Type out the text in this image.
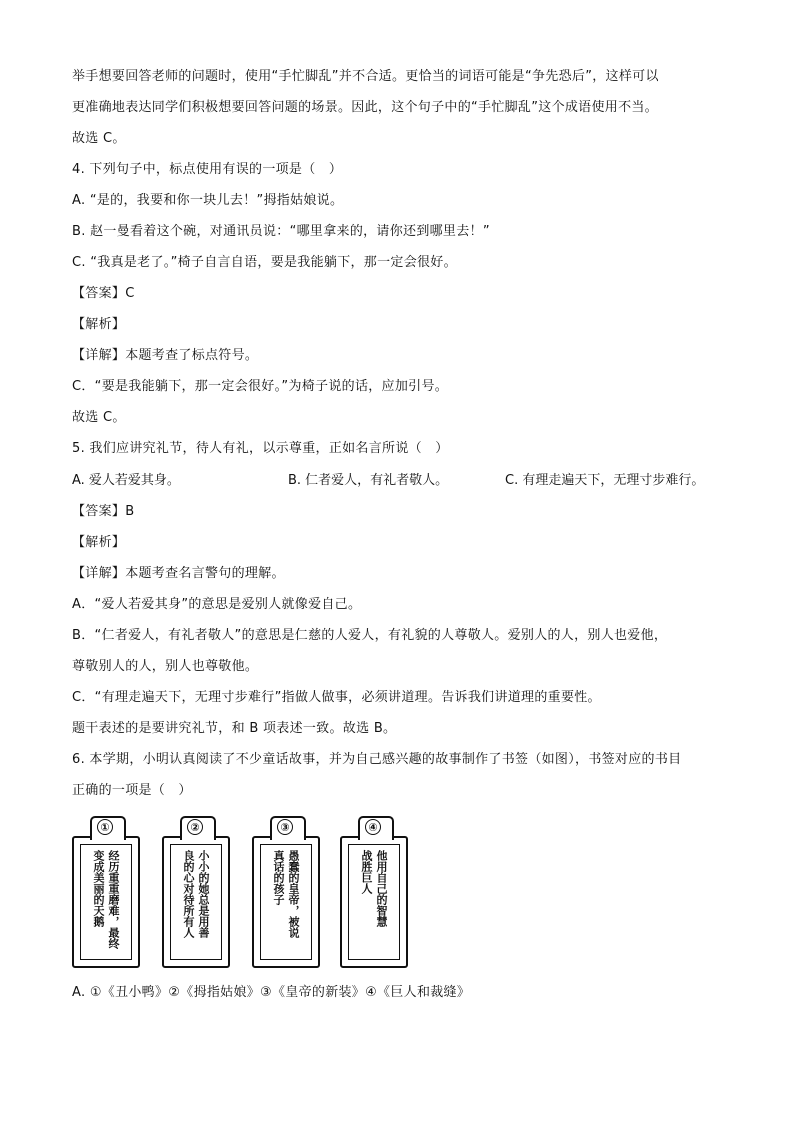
举手想要回答老师的问题时，使用“手忙脚乱”并不合适。更恰当的词语可能是“争先恐后”，这样可以
更准确地表达同学们积极想要回答问题的场景。因此，这个句子中的“手忙脚乱”这个成语使用不当。
故选 C。
4. 下列句子中，标点使用有误的一项是（　）
A. “是的，我要和你一块儿去！”拇指姑娘说。
B. 赵一曼看着这个碗，对通讯员说：“哪里拿来的，请你还到哪里去！”
C. “我真是老了。”椅子自言自语，要是我能躺下，那一定会很好。
【答案】C
【解析】
【详解】本题考查了标点符号。
C．“要是我能躺下，那一定会很好。”为椅子说的话，应加引号。
故选 C。
5. 我们应讲究礼节，待人有礼，以示尊重，正如名言所说（　）
A. 爱人若爱其身。	B. 仁者爱人，有礼者敬人。	C. 有理走遍天下，无理寸步难行。
【答案】B
【解析】
【详解】本题考查名言警句的理解。
A．“爱人若爱其身”的意思是爱别人就像爱自己。
B．“仁者爱人，有礼者敬人”的意思是仁慈的人爱人，有礼貌的人尊敬人。爱别人的人，别人也爱他，
尊敬别人的人，别人也尊敬他。
C．“有理走遍天下，无理寸步难行”指做人做事，必须讲道理。告诉我们讲道理的重要性。
题干表述的是要讲究礼节，和 B 项表述一致。故选 B。
6. 本学期，小明认真阅读了不少童话故事，并为自己感兴趣的故事制作了书签（如图），书签对应的书目
正确的一项是（　）
经历重重磨难，最终
变成美丽的天鹅
①
小小的她总是用善
良的心对待所有人
②
愚蠢的皇帝，被说
真话的孩子
③
他用自己的智慧
战胜巨人
④
A. ①《丑小鸭》②《拇指姑娘》③《皇帝的新装》④《巨人和裁缝》
